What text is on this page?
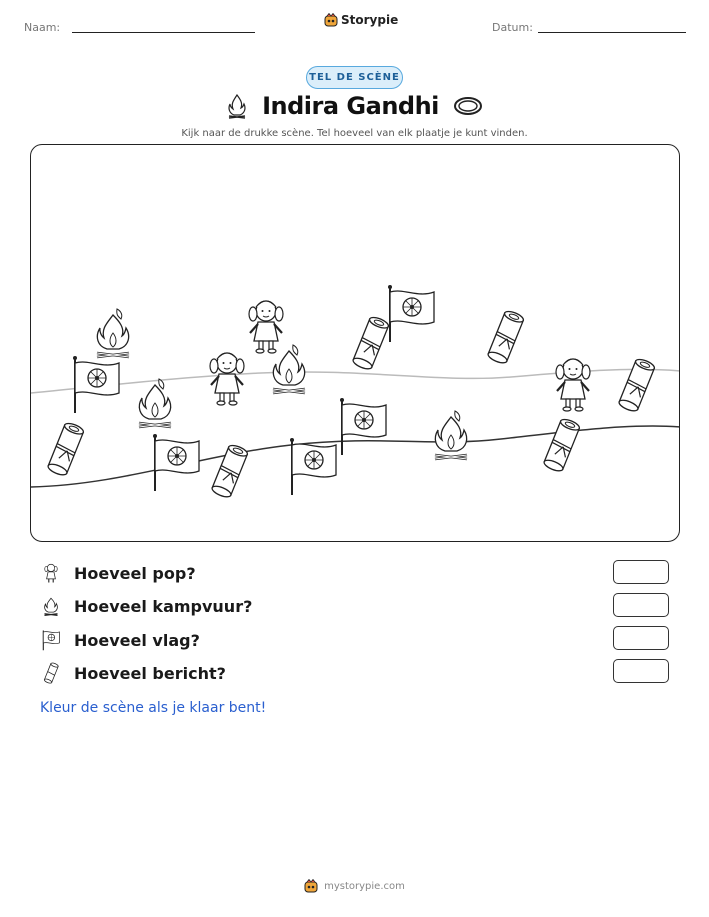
Naam:
Storypie
Datum:
TEL DE SCÈNE
Indira Gandhi
Kijk naar de drukke scène. Tel hoeveel van elk plaatje je kunt vinden.
Hoeveel pop?
Hoeveel kampvuur?
Hoeveel vlag?
Hoeveel bericht?
Kleur de scène als je klaar bent!
mystorypie.com
